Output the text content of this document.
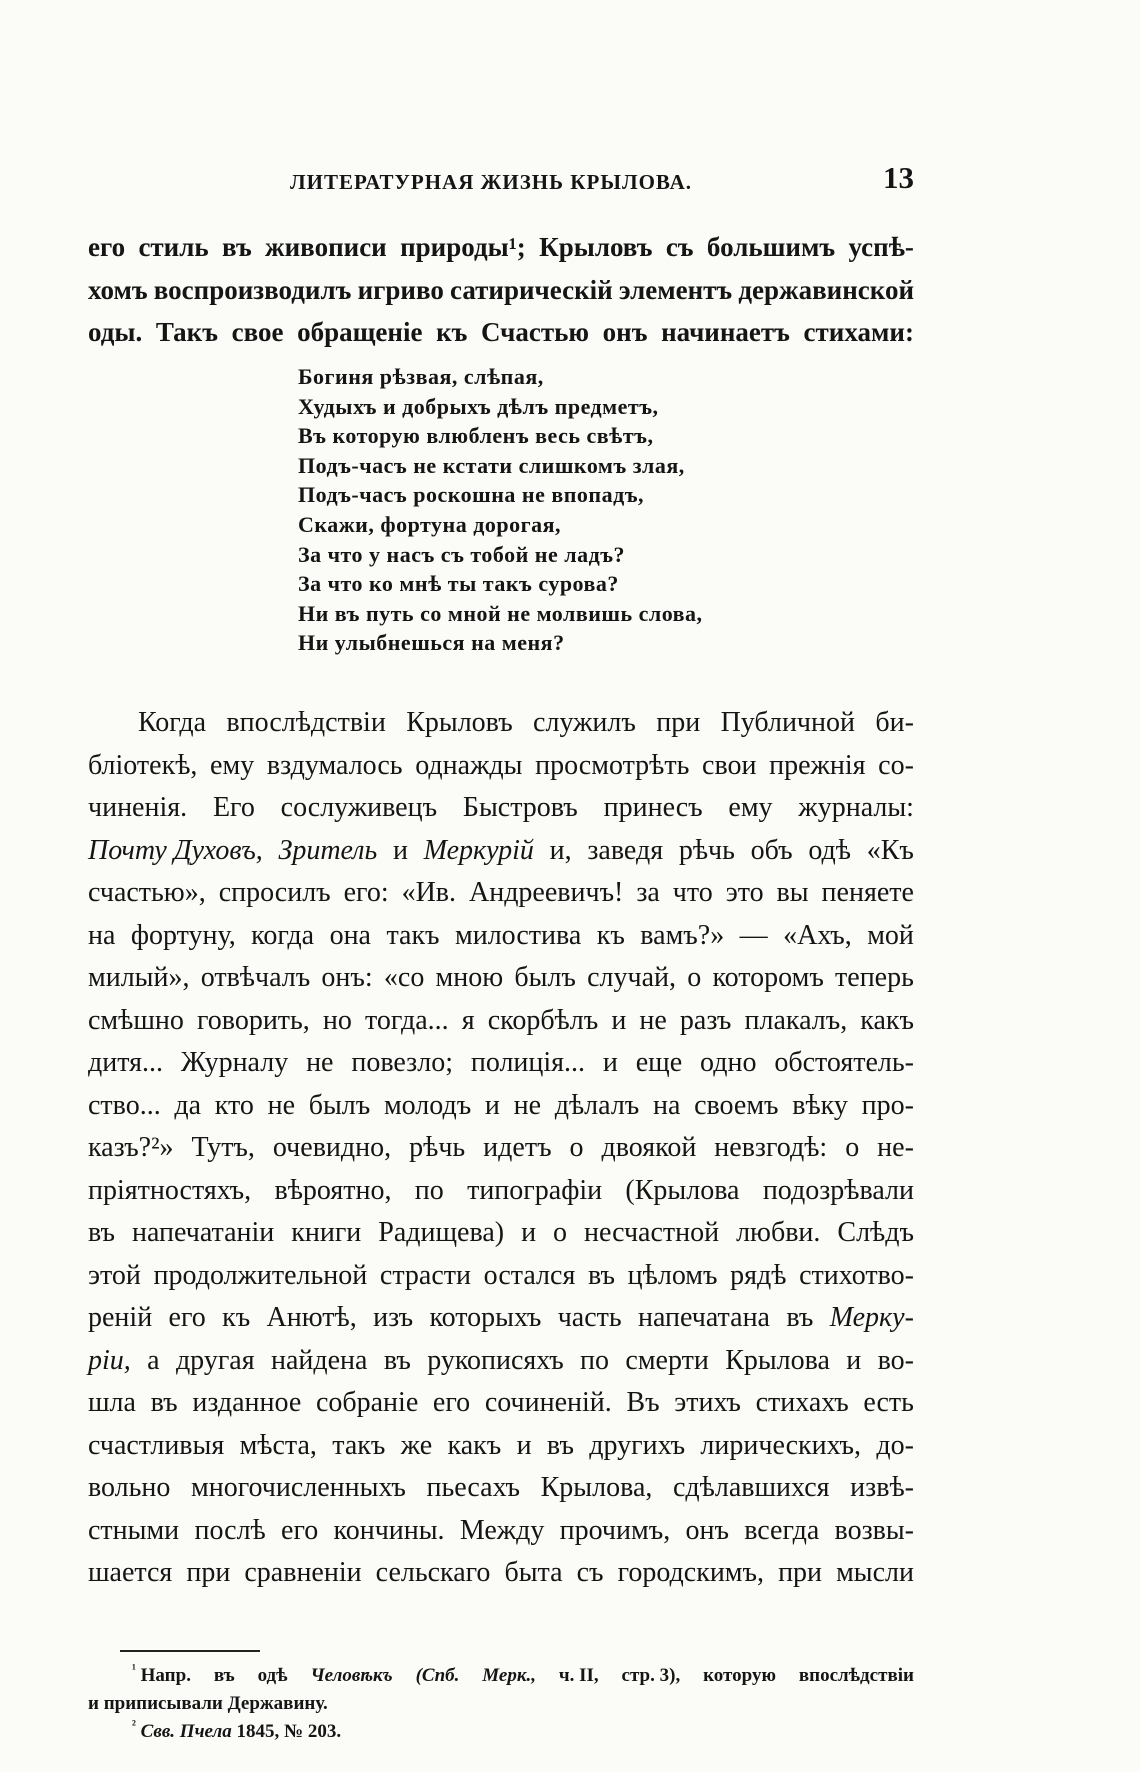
ЛИТЕРАТУРНАЯ ЖИЗНЬ КРЫЛОВА.	13
его стиль въ живописи природы¹; Крыловъ съ большимъ успѣ-
хомъ воспроизводилъ игриво сатирическій элементъ державинской
оды. Такъ свое обращеніе къ Счастью онъ начинаетъ стихами:
Богиня рѣзвая, слѣпая,
Худыхъ и добрыхъ дѣлъ предметъ,
Въ которую влюбленъ весь свѣтъ,
Подъ-часъ не кстати слишкомъ злая,
Подъ-часъ роскошна не впопадъ,
Скажи, фортуна дорогая,
За что у насъ съ тобой не ладъ?
За что ко мнѣ ты такъ сурова?
Ни въ путь со мной не молвишь слова,
Ни улыбнешься на меня?
Когда впослѣдствіи Крыловъ служилъ при Публичной би-
бліотекѣ, ему вздумалось однажды просмотрѣть свои прежнія со-
чиненія. Его сослуживецъ Быстровъ принесъ ему журналы:
Почту Духовъ, Зритель и Меркурій и, заведя рѣчь объ одѣ «Къ
счастью», спросилъ его: «Ив. Андреевичъ! за что это вы пеняете
на фортуну, когда она такъ милостива къ вамъ?» — «Ахъ, мой
милый», отвѣчалъ онъ: «со мною былъ случай, о которомъ теперь
смѣшно говорить, но тогда... я скорбѣлъ и не разъ плакалъ, какъ
дитя... Журналу не повезло; полиція... и еще одно обстоятель-
ство... да кто не былъ молодъ и не дѣлалъ на своемъ вѣку про-
казъ?²» Тутъ, очевидно, рѣчь идетъ о двоякой невзгодѣ: о не-
пріятностяхъ, вѣроятно, по типографіи (Крылова подозрѣвали
въ напечатаніи книги Радищева) и о несчастной любви. Слѣдъ
этой продолжительной страсти остался въ цѣломъ рядѣ стихотво-
реній его къ Анютѣ, изъ которыхъ часть напечатана въ Мерку-
ріи, а другая найдена въ рукописяхъ по смерти Крылова и во-
шла въ изданное собраніе его сочиненій. Въ этихъ стихахъ есть
счастливыя мѣста, такъ же какъ и въ другихъ лирическихъ, до-
вольно многочисленныхъ пьесахъ Крылова, сдѣлавшихся извѣ-
стными послѣ его кончины. Между прочимъ, онъ всегда возвы-
шается при сравненіи сельскаго быта съ городскимъ, при мысли
$^{^1}$ Напр. въ одѣ Человѣкъ (Спб. Мерк., ч. II, стр. 3), которую впослѣдствіи
и приписывали Державину.
²
Свв. Пчела
1845, № 203.
